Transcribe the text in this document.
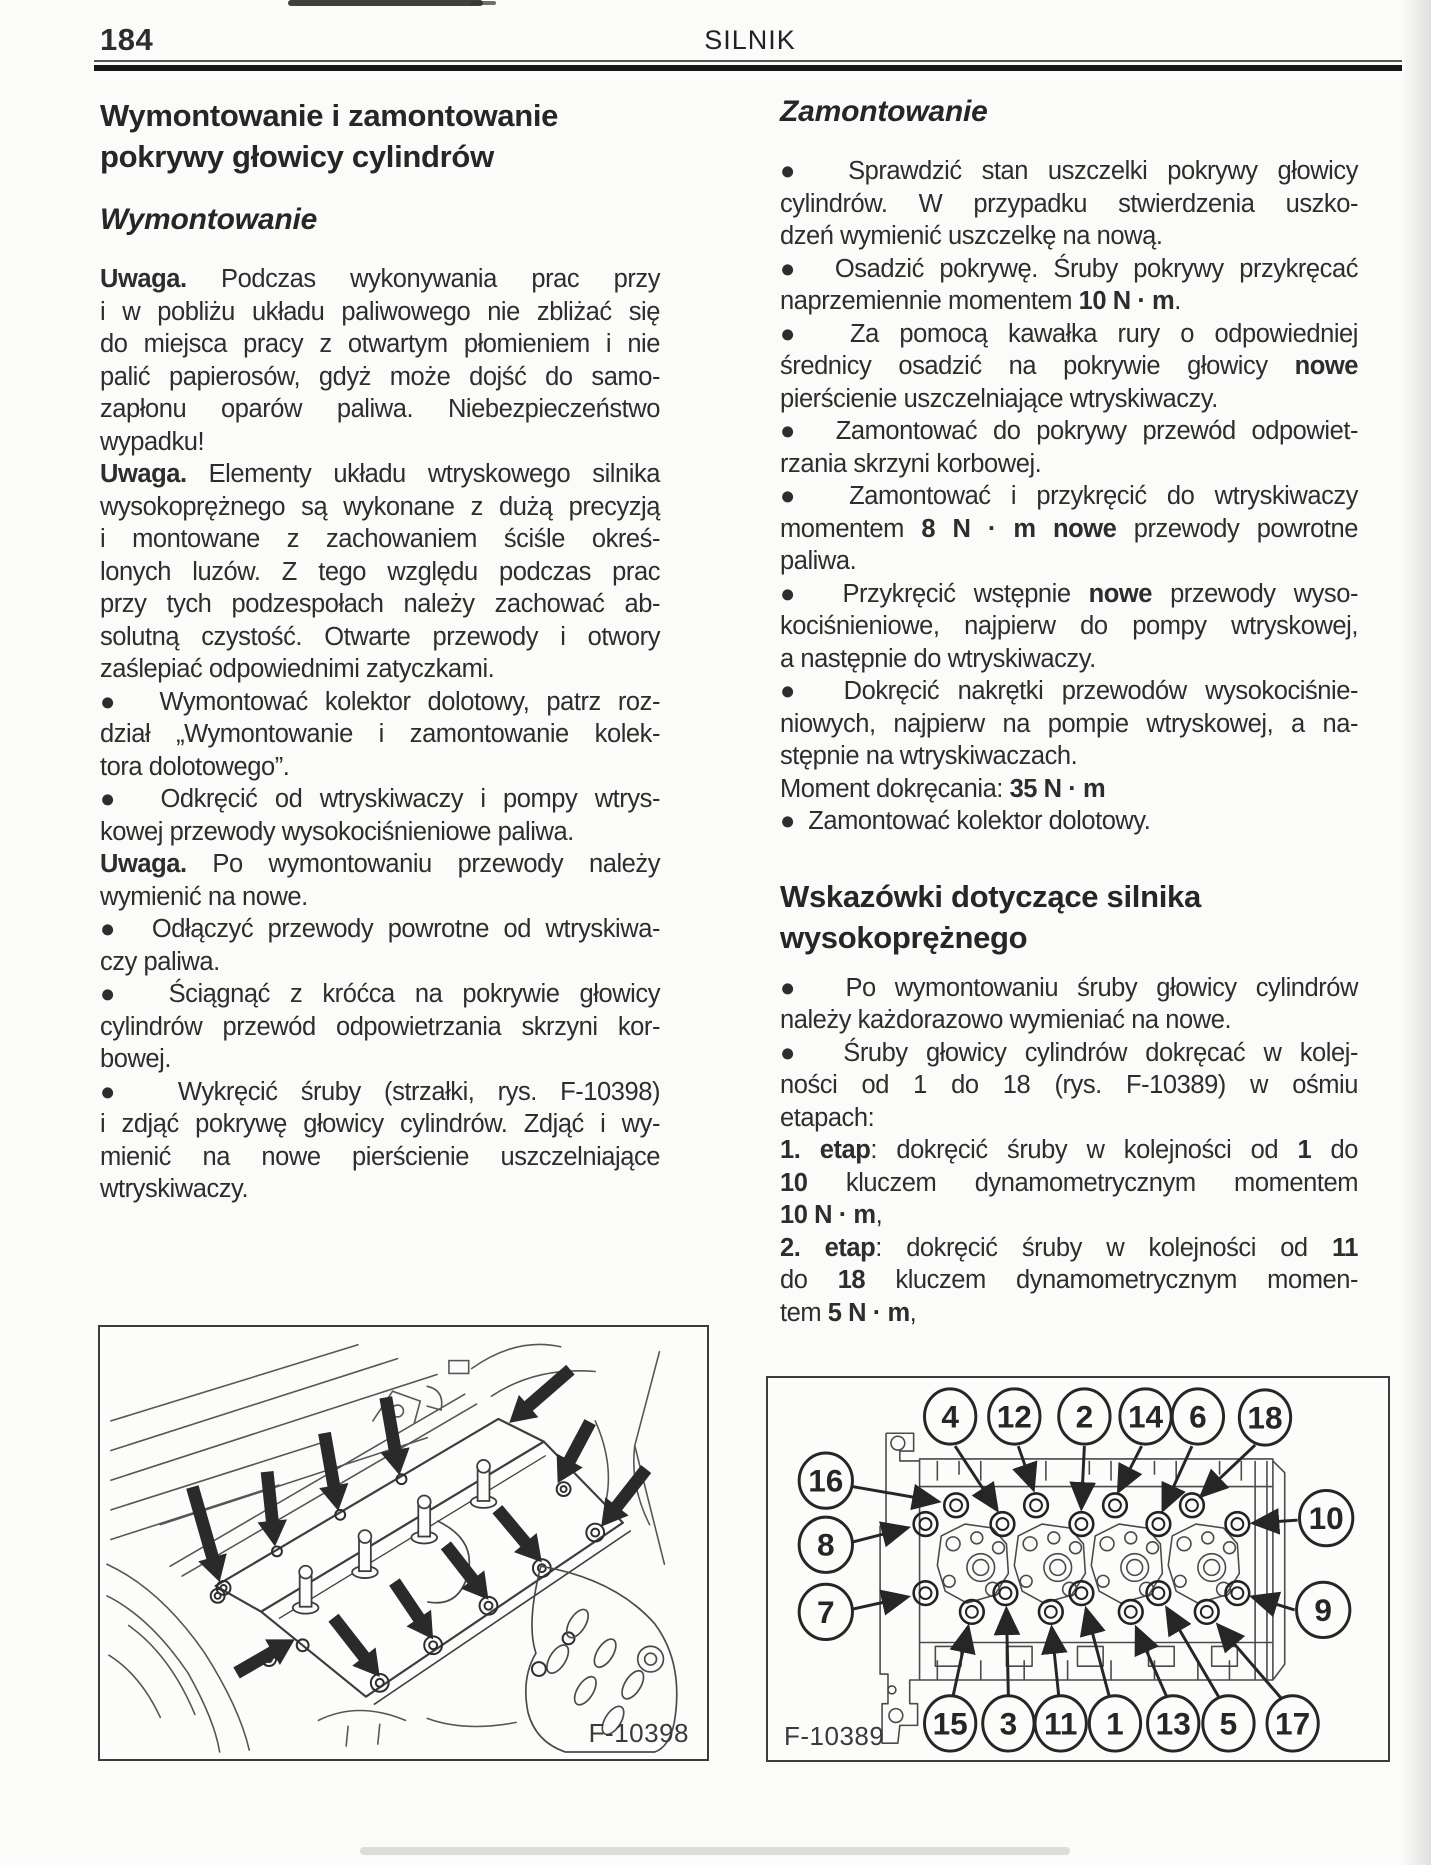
184	SILNIK
Wymontowanie i zamontowanie
pokrywy głowicy cylindrów
Wymontowanie
Uwaga. Podczas wykonywania prac przy
i w pobliżu układu paliwowego nie zbliżać się
do miejsca pracy z otwartym płomieniem i nie
palić papierosów, gdyż może dojść do samo-
zapłonu oparów paliwa. Niebezpieczeństwo
wypadku!
Uwaga. Elementy układu wtryskowego silnika
wysokoprężnego są wykonane z dużą precyzją
i montowane z zachowaniem ściśle okreś-
lonych luzów. Z tego względu podczas prac
przy tych podzespołach należy zachować ab-
solutną czystość. Otwarte przewody i otwory
zaślepiać odpowiednimi zatyczkami.
●  Wymontować kolektor dolotowy, patrz roz-
dział „Wymontowanie i zamontowanie kolek-
tora dolotowego”.
●  Odkręcić od wtryskiwaczy i pompy wtrys-
kowej przewody wysokociśnieniowe paliwa.
Uwaga. Po wymontowaniu przewody należy
wymienić na nowe.
●  Odłączyć przewody powrotne od wtryskiwa-
czy paliwa.
●  Ściągnąć z króćca na pokrywie głowicy
cylindrów przewód odpowietrzania skrzyni kor-
bowej.
●  Wykręcić śruby (strzałki, rys. F-10398)
i zdjąć pokrywę głowicy cylindrów. Zdjąć i wy-
mienić na nowe pierścienie uszczelniające
wtryskiwaczy.
Zamontowanie
●  Sprawdzić stan uszczelki pokrywy głowicy
cylindrów. W przypadku stwierdzenia uszko-
dzeń wymienić uszczelkę na nową.
●  Osadzić pokrywę. Śruby pokrywy przykręcać
naprzemiennie momentem 10 N · m.
●  Za pomocą kawałka rury o odpowiedniej
średnicy osadzić na pokrywie głowicy nowe
pierścienie uszczelniające wtryskiwaczy.
●  Zamontować do pokrywy przewód odpowiet-
rzania skrzyni korbowej.
●  Zamontować i przykręcić do wtryskiwaczy
momentem 8 N · m nowe przewody powrotne
paliwa.
●  Przykręcić wstępnie nowe przewody wyso-
kociśnieniowe, najpierw do pompy wtryskowej,
a następnie do wtryskiwaczy.
●  Dokręcić nakrętki przewodów wysokociśnie-
niowych, najpierw na pompie wtryskowej, a na-
stępnie na wtryskiwaczach.
Moment dokręcania: 35 N · m
●  Zamontować kolektor dolotowy.
Wskazówki dotyczące silnika
wysokoprężnego
●  Po wymontowaniu śruby głowicy cylindrów
należy każdorazowo wymieniać na nowe.
●  Śruby głowicy cylindrów dokręcać w kolej-
ności od 1 do 18 (rys. F-10389) w ośmiu
etapach:
1. etap: dokręcić śruby w kolejności od 1 do
10 kluczem dynamometrycznym momentem
10 N · m,
2. etap: dokręcić śruby w kolejności od 11
do 18 kluczem dynamometrycznym momen-
tem 5 N · m,
F-10398
4 12 2 14 6 18
16
8
7
10
9
15 3 11 1 13 5 17
F-10389
